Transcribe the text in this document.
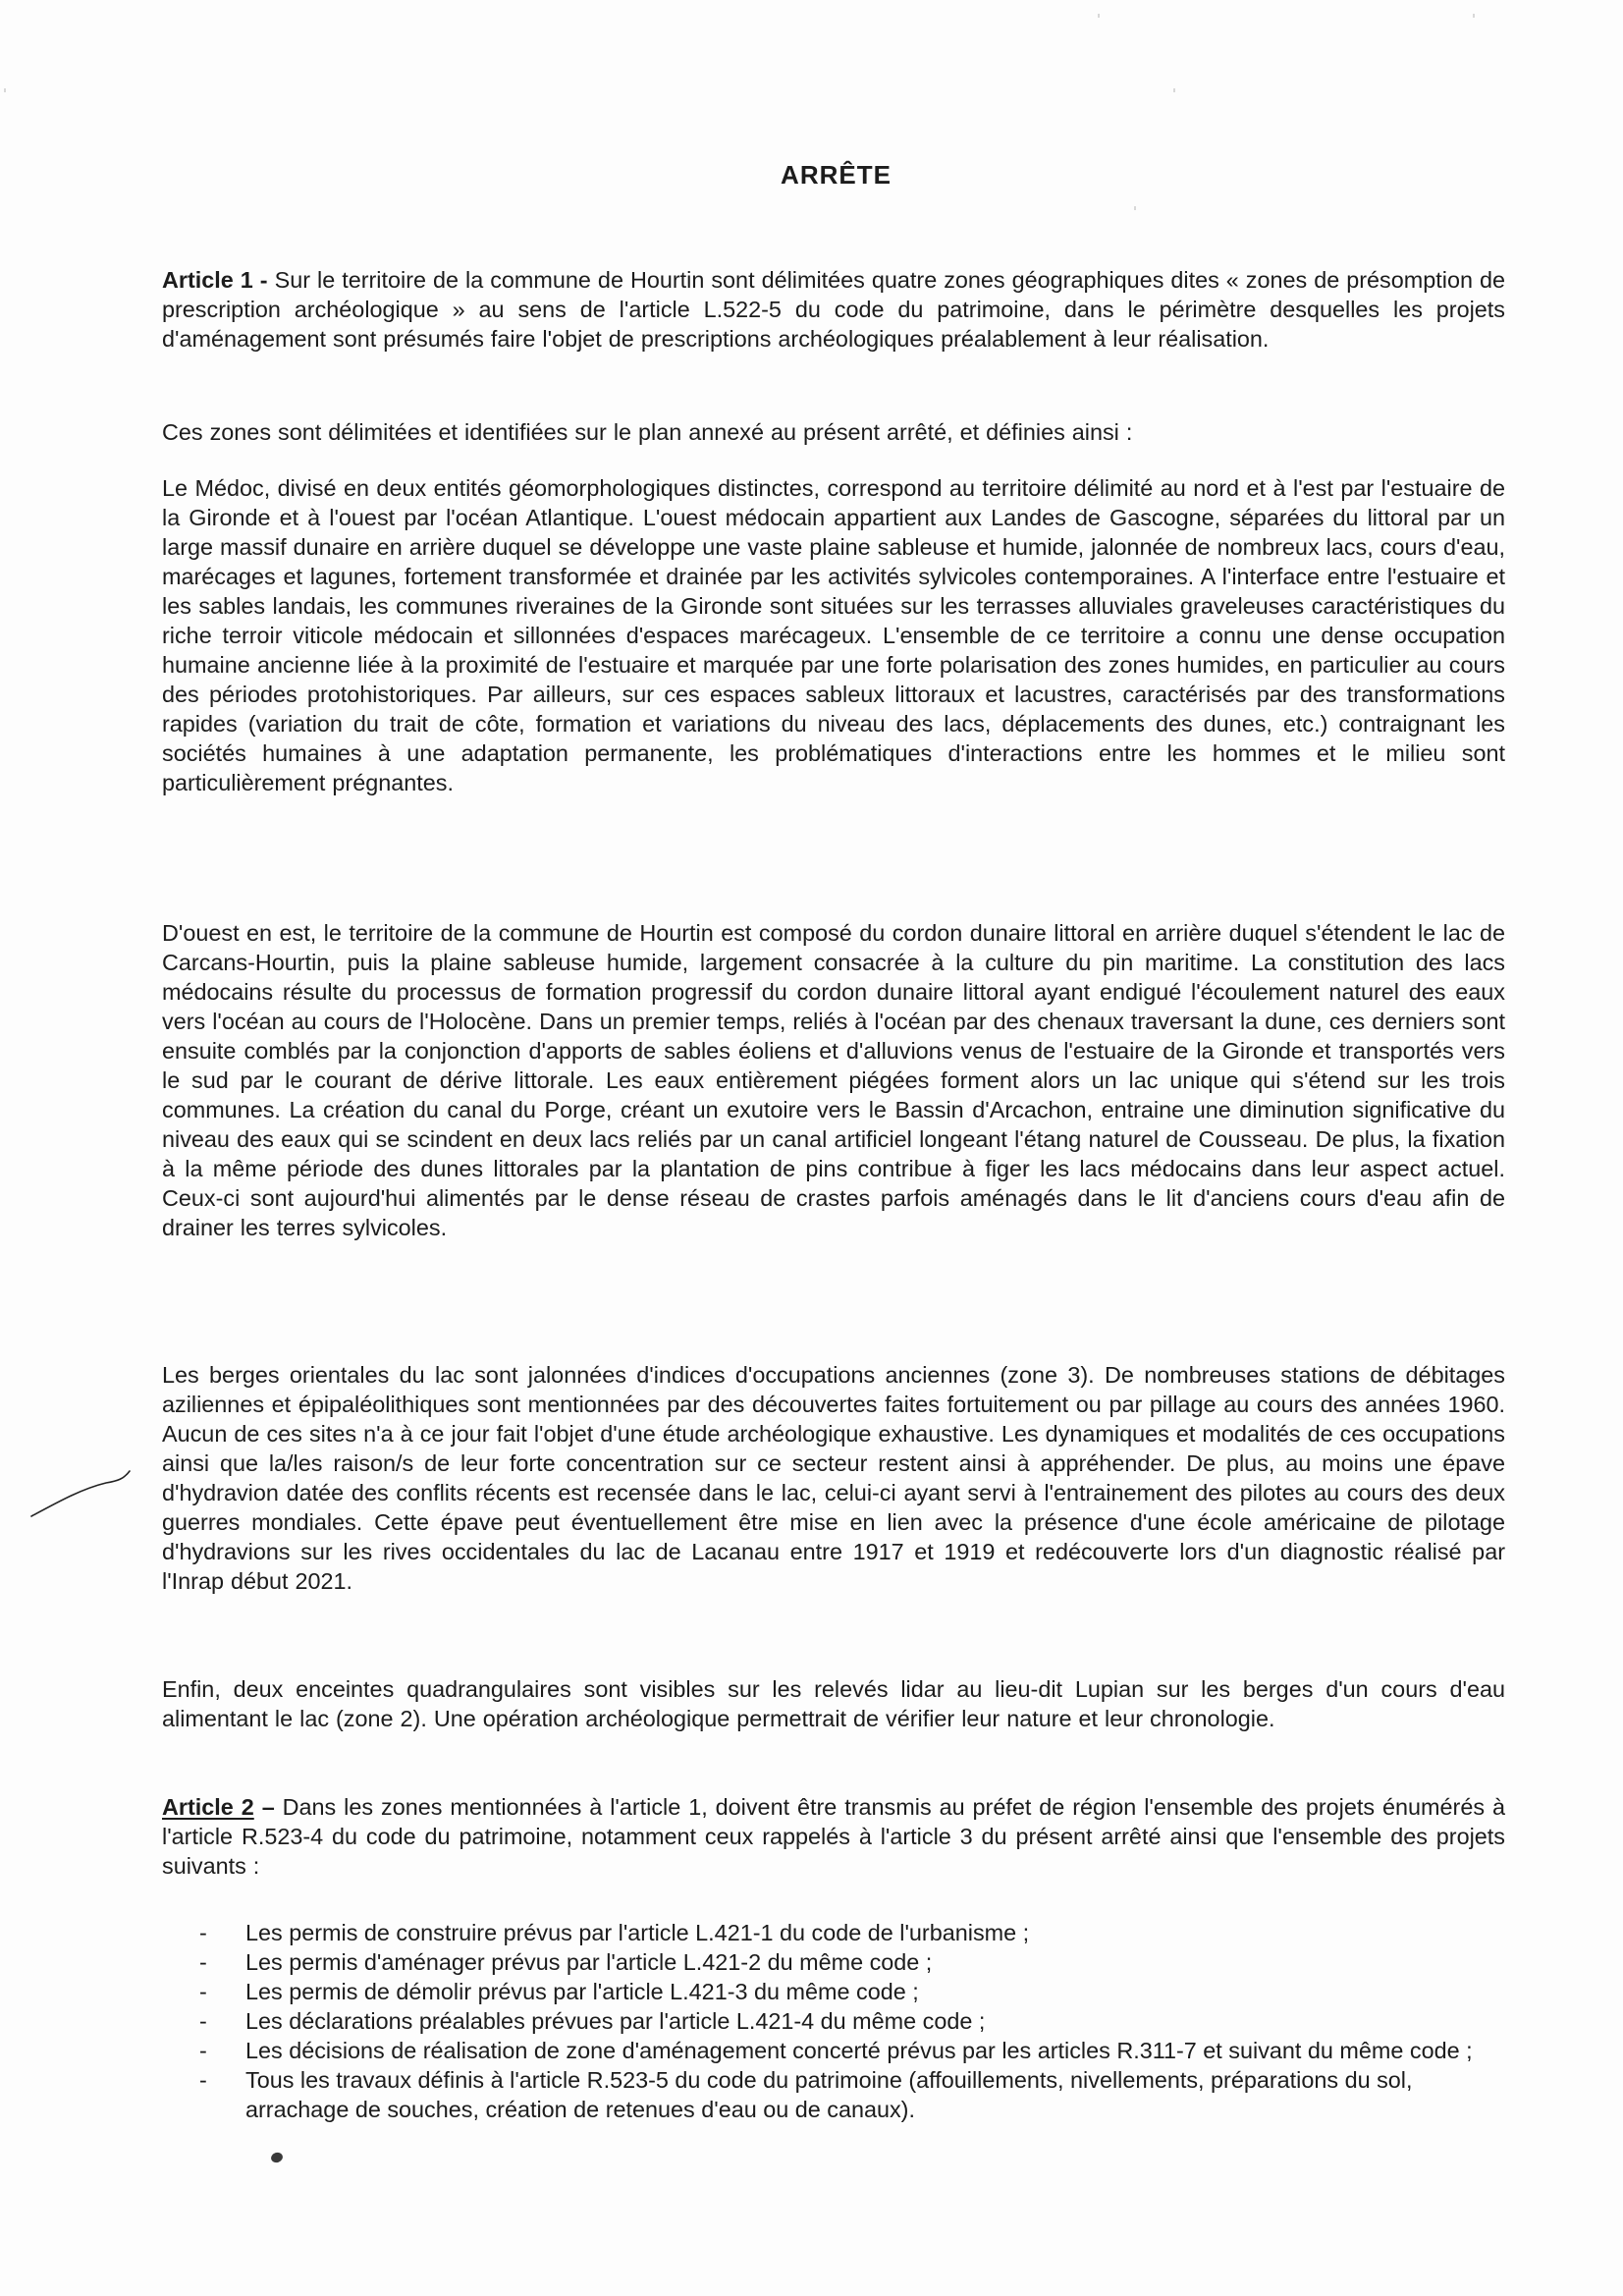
ARRÊTE
Article 1 - Sur le territoire de la commune de Hourtin sont délimitées quatre zones géographiques dites « zones de présomption de prescription archéologique » au sens de l'article L.522-5 du code du patrimoine, dans le périmètre desquelles les projets d'aménagement sont présumés faire l'objet de prescriptions archéologiques préalablement à leur réalisation.
Ces zones sont délimitées et identifiées sur le plan annexé au présent arrêté, et définies ainsi :
Le Médoc, divisé en deux entités géomorphologiques distinctes, correspond au territoire délimité au nord et à l'est par l'estuaire de la Gironde et à l'ouest par l'océan Atlantique. L'ouest médocain appartient aux Landes de Gascogne, séparées du littoral par un large massif dunaire en arrière duquel se développe une vaste plaine sableuse et humide, jalonnée de nombreux lacs, cours d'eau, marécages et lagunes, fortement transformée et drainée par les activités sylvicoles contemporaines. A l'interface entre l'estuaire et les sables landais, les communes riveraines de la Gironde sont situées sur les terrasses alluviales graveleuses caractéristiques du riche terroir viticole médocain et sillonnées d'espaces marécageux. L'ensemble de ce territoire a connu une dense occupation humaine ancienne liée à la proximité de l'estuaire et marquée par une forte polarisation des zones humides, en particulier au cours des périodes protohistoriques. Par ailleurs, sur ces espaces sableux littoraux et lacustres, caractérisés par des transformations rapides (variation du trait de côte, formation et variations du niveau des lacs, déplacements des dunes, etc.) contraignant les sociétés humaines à une adaptation permanente, les problématiques d'interactions entre les hommes et le milieu sont particulièrement prégnantes.
D'ouest en est, le territoire de la commune de Hourtin est composé du cordon dunaire littoral en arrière duquel s'étendent le lac de Carcans-Hourtin, puis la plaine sableuse humide, largement consacrée à la culture du pin maritime. La constitution des lacs médocains résulte du processus de formation progressif du cordon dunaire littoral ayant endigué l'écoulement naturel des eaux vers l'océan au cours de l'Holocène. Dans un premier temps, reliés à l'océan par des chenaux traversant la dune, ces derniers sont ensuite comblés par la conjonction d'apports de sables éoliens et d'alluvions venus de l'estuaire de la Gironde et transportés vers le sud par le courant de dérive littorale. Les eaux entièrement piégées forment alors un lac unique qui s'étend sur les trois communes. La création du canal du Porge, créant un exutoire vers le Bassin d'Arcachon, entraine une diminution significative du niveau des eaux qui se scindent en deux lacs reliés par un canal artificiel longeant l'étang naturel de Cousseau. De plus, la fixation à la même période des dunes littorales par la plantation de pins contribue à figer les lacs médocains dans leur aspect actuel. Ceux-ci sont aujourd'hui alimentés par le dense réseau de crastes parfois aménagés dans le lit d'anciens cours d'eau afin de drainer les terres sylvicoles.
Les berges orientales du lac sont jalonnées d'indices d'occupations anciennes (zone 3). De nombreuses stations de débitages aziliennes et épipaléolithiques sont mentionnées par des découvertes faites fortuitement ou par pillage au cours des années 1960. Aucun de ces sites n'a à ce jour fait l'objet d'une étude archéologique exhaustive. Les dynamiques et modalités de ces occupations ainsi que la/les raison/s de leur forte concentration sur ce secteur restent ainsi à appréhender. De plus, au moins une épave d'hydravion datée des conflits récents est recensée dans le lac, celui-ci ayant servi à l'entrainement des pilotes au cours des deux guerres mondiales. Cette épave peut éventuellement être mise en lien avec la présence d'une école américaine de pilotage d'hydravions sur les rives occidentales du lac de Lacanau entre 1917 et 1919 et redécouverte lors d'un diagnostic réalisé par l'Inrap début 2021.
Enfin, deux enceintes quadrangulaires sont visibles sur les relevés lidar au lieu-dit Lupian sur les berges d'un cours d'eau alimentant le lac (zone 2). Une opération archéologique permettrait de vérifier leur nature et leur chronologie.
Article 2 – Dans les zones mentionnées à l'article 1, doivent être transmis au préfet de région l'ensemble des projets énumérés à l'article R.523-4 du code du patrimoine, notamment ceux rappelés à l'article 3 du présent arrêté ainsi que l'ensemble des projets suivants :
- Les permis de construire prévus par l'article L.421-1 du code de l'urbanisme ;
- Les permis d'aménager prévus par l'article L.421-2 du même code ;
- Les permis de démolir prévus par l'article L.421-3 du même code ;
- Les déclarations préalables prévues par l'article L.421-4 du même code ;
- Les décisions de réalisation de zone d'aménagement concerté prévus par les articles R.311-7 et suivant du même code ;
- Tous les travaux définis à l'article R.523-5 du code du patrimoine (affouillements, nivellements, préparations du sol, arrachage de souches, création de retenues d'eau ou de canaux).
